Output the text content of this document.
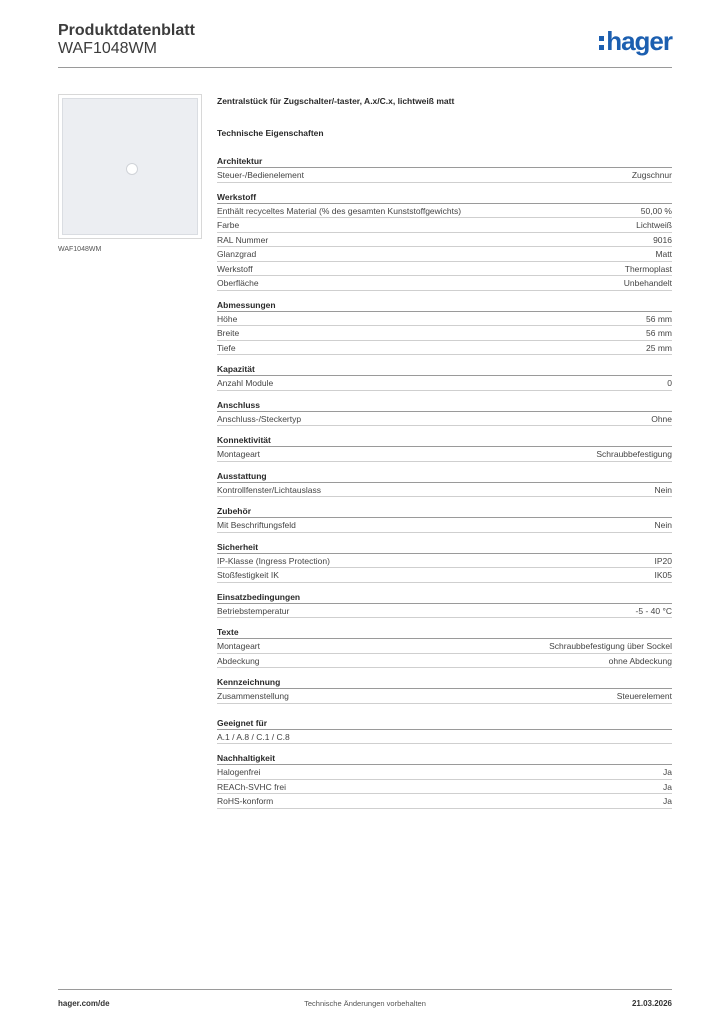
Produktdatenblatt
WAF1048WM	hager
WAF1048WM
Zentralstück für Zugschalter/-taster, A.x/C.x, lichtweiß matt
Technische Eigenschaften
Architektur
Steuer-/Bedienelement	Zugschnur
Werkstoff
Enthält recyceltes Material (% des gesamten Kunststoffgewichts)	50,00 %
Farbe	Lichtweiß
RAL Nummer	9016
Glanzgrad	Matt
Werkstoff	Thermoplast
Oberfläche	Unbehandelt
Abmessungen
Höhe	56 mm
Breite	56 mm
Tiefe	25 mm
Kapazität
Anzahl Module	0
Anschluss
Anschluss-/Steckertyp	Ohne
Konnektivität
Montageart	Schraubbefestigung
Ausstattung
Kontrollfenster/Lichtauslass	Nein
Zubehör
Mit Beschriftungsfeld	Nein
Sicherheit
IP-Klasse (Ingress Protection)	IP20
Stoßfestigkeit IK	IK05
Einsatzbedingungen
Betriebstemperatur	-5 - 40 °C
Texte
Montageart	Schraubbefestigung über Sockel
Abdeckung	ohne Abdeckung
Kennzeichnung
Zusammenstellung	Steuerelement
Geeignet für
A.1 / A.8 / C.1 / C.8
Nachhaltigkeit
Halogenfrei	Ja
REACh-SVHC frei	Ja
RoHS-konform	Ja
hager.com/de	Technische Änderungen vorbehalten	21.03.2026
